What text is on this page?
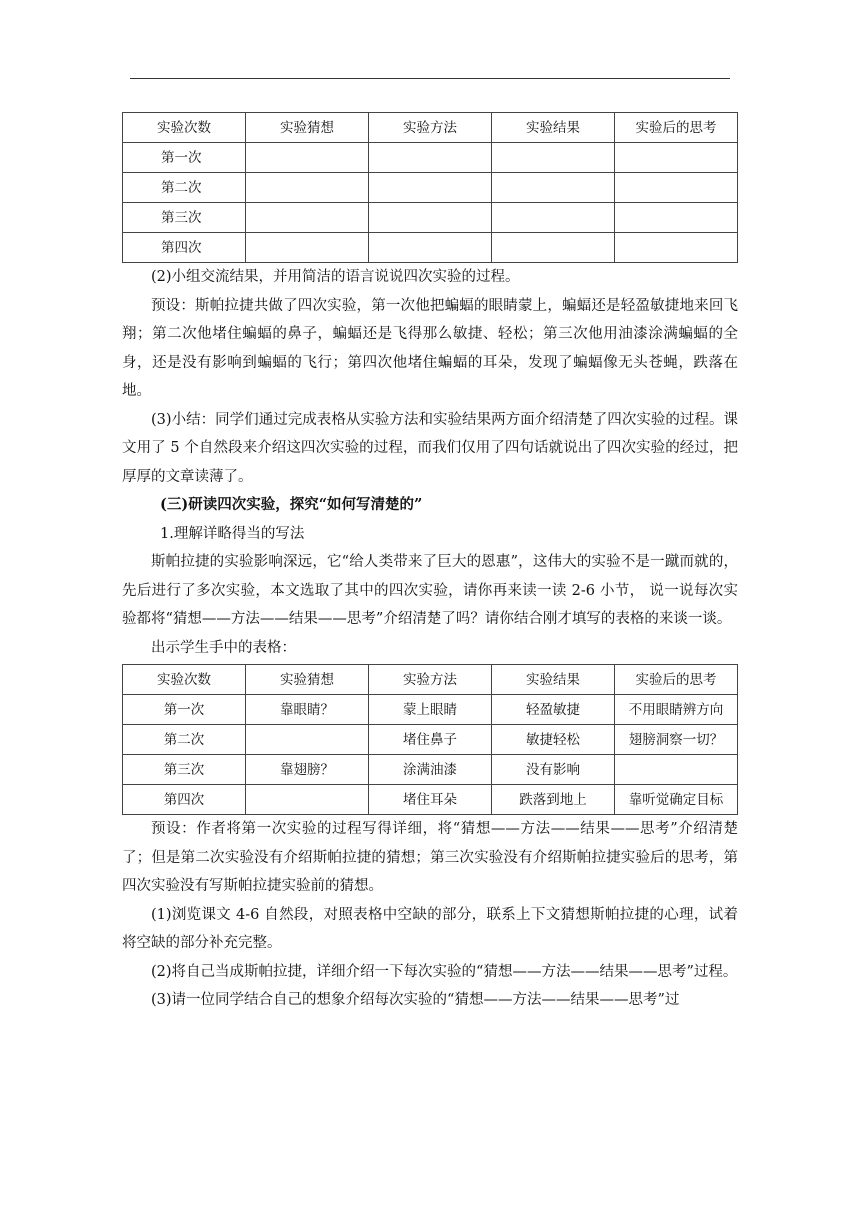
实验次数	实验猜想	实验方法	实验结果	实验后的思考
第一次				
第二次				
第三次				
第四次				

(2)小组交流结果，并用简洁的语言说说四次实验的过程。

预设：斯帕拉捷共做了四次实验，第一次他把蝙蝠的眼睛蒙上，蝙蝠还是轻盈敏捷地来回飞翔；第二次他堵住蝙蝠的鼻子，蝙蝠还是飞得那么敏捷、轻松；第三次他用油漆涂满蝙蝠的全身，还是没有影响到蝙蝠的飞行；第四次他堵住蝙蝠的耳朵，发现了蝙蝠像无头苍蝇，跌落在地。

(3)小结：同学们通过完成表格从实验方法和实验结果两方面介绍清楚了四次实验的过程。课文用了 5 个自然段来介绍这四次实验的过程，而我们仅用了四句话就说出了四次实验的经过，把厚厚的文章读薄了。

(三)研读四次实验，探究“如何写清楚的”

1.理解详略得当的写法

斯帕拉捷的实验影响深远，它“给人类带来了巨大的恩惠”，这伟大的实验不是一蹴而就的，先后进行了多次实验，本文选取了其中的四次实验，请你再来读一读 2-6 小节， 说一说每次实验都将“猜想——方法——结果——思考”介绍清楚了吗？请你结合刚才填写的表格的来谈一谈。

出示学生手中的表格：

实验次数	实验猜想	实验方法	实验结果	实验后的思考
第一次	靠眼睛？	蒙上眼睛	轻盈敏捷	不用眼睛辨方向
第二次		堵住鼻子	敏捷轻松	翅膀洞察一切？
第三次	靠翅膀？	涂满油漆	没有影响	
第四次		堵住耳朵	跌落到地上	靠听觉确定目标

预设：作者将第一次实验的过程写得详细，将“猜想——方法——结果——思考”介绍清楚了；但是第二次实验没有介绍斯帕拉捷的猜想；第三次实验没有介绍斯帕拉捷实验后的思考，第四次实验没有写斯帕拉捷实验前的猜想。

(1)浏览课文 4-6 自然段，对照表格中空缺的部分，联系上下文猜想斯帕拉捷的心理，试着将空缺的部分补充完整。

(2)将自己当成斯帕拉捷，详细介绍一下每次实验的“猜想——方法——结果——思考”过程。

(3)请一位同学结合自己的想象介绍每次实验的“猜想——方法——结果——思考”过
